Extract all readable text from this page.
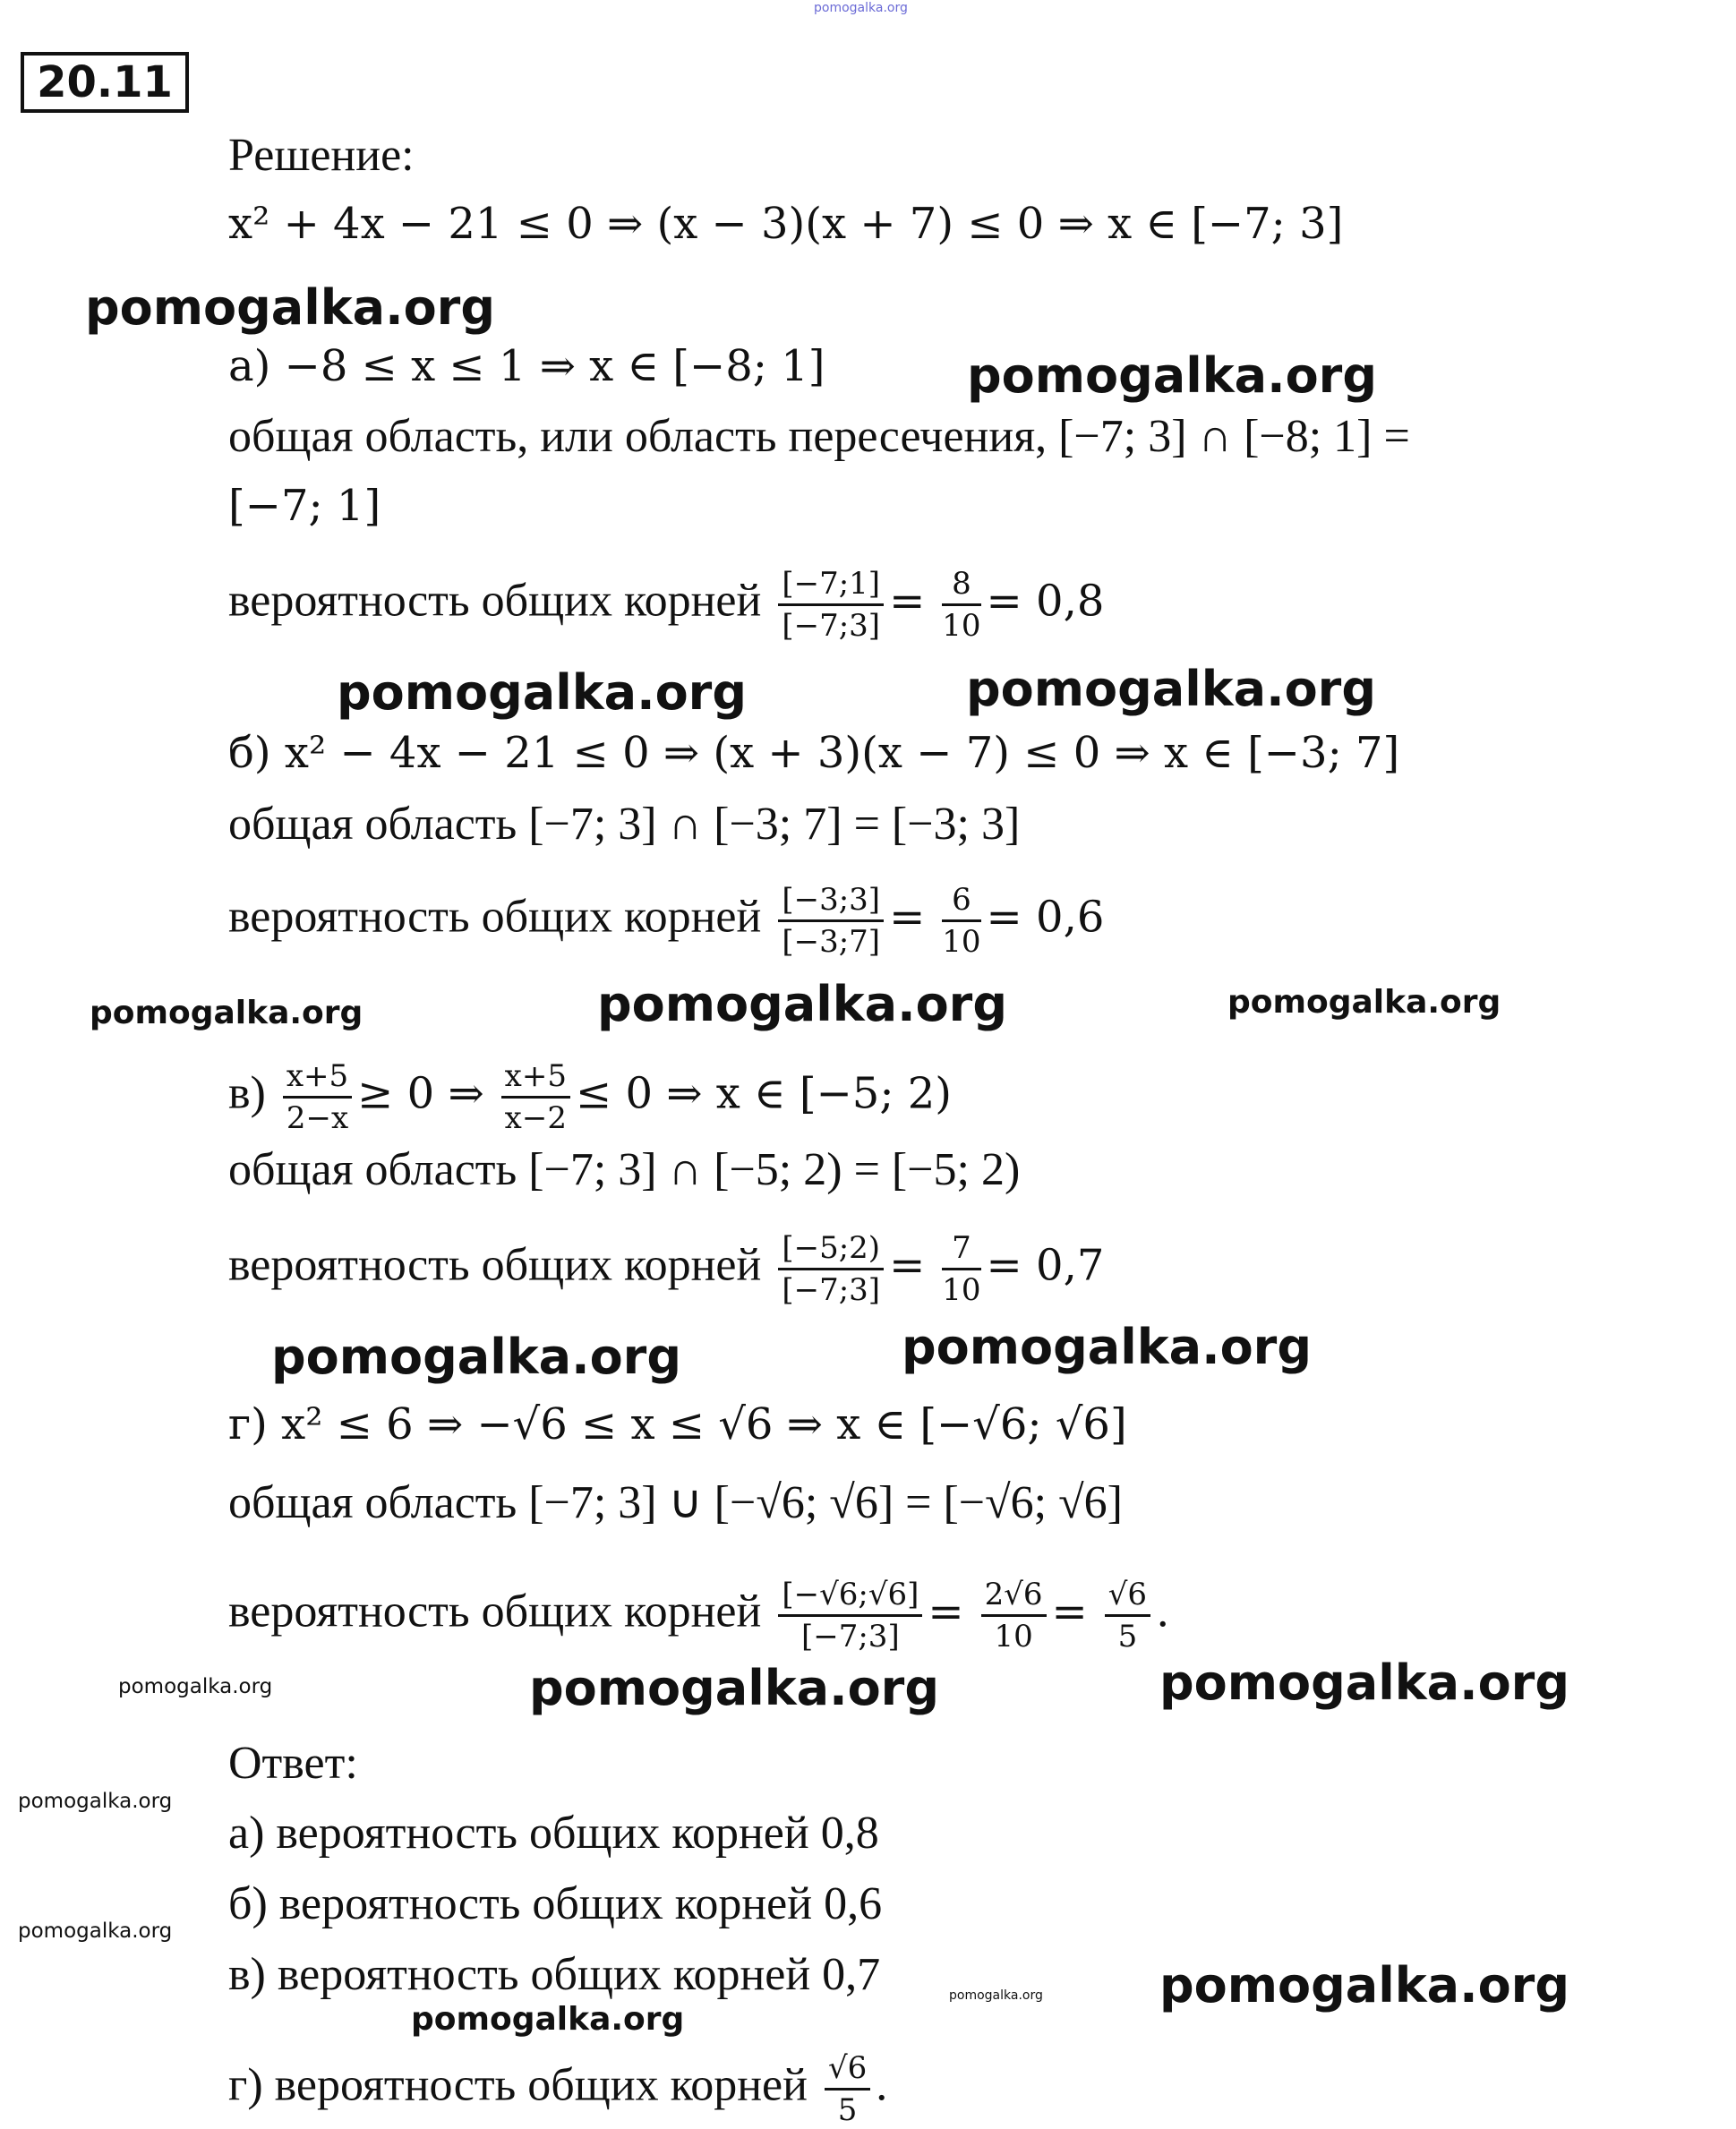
20.11
pomogalka.org
Решение:
x² + 4x − 21 ≤ 0 ⇒ (x − 3)(x + 7) ≤ 0 ⇒ x ∈ [−7; 3]
pomogalka.org
а) −8 ≤ x ≤ 1 ⇒ x ∈ [−8; 1]	pomogalka.org
общая область, или область пересечения, [−7; 3] ∩ [−8; 1] =
[−7; 1]
вероятность общих корней $\frac{[-7;1]}{[-7;3]} = \frac{8}{10} = 0,8$
pomogalka.org	pomogalka.org
б) x² − 4x − 21 ≤ 0 ⇒ (x + 3)(x − 7) ≤ 0 ⇒ x ∈ [−3; 7]
общая область [−7; 3] ∩ [−3; 7] = [−3; 3]
вероятность общих корней $\frac{[-3;3]}{[-3;7]} = \frac{6}{10} = 0,6$
pomogalka.org	pomogalka.org	pomogalka.org
$в) \frac{x+5}{2-x} \ge 0$ ⇒ $\frac{x+5}{x-2} \le 0$ ⇒ x ∈ [−5; 2)
общая область [−7; 3] ∩ [−5; 2) = [−5; 2)
вероятность общих корней $\frac{[-5;2)}{[-7;3]} = \frac{7}{10} = 0,7$
pomogalka.org	pomogalka.org
г) x² ≤ 6 ⇒ −√6 ≤ x ≤ √6 ⇒ x ∈ [−√6; √6]
общая область [−7; 3] ∪ [−√6; √6] = [−√6; √6]
вероятность общих корней $\frac{[-√6;√6]}{[-7;3]} = \frac{2√6}{10} = \frac{√6}{5}$ .
pomogalka.org	pomogalka.org	pomogalka.org
Ответ:
pomogalka.org
а) вероятность общих корней 0,8
б) вероятность общих корней 0,6
pomogalka.org
в) вероятность общих корней 0,7
pomogalka.org
pomogalka.org pomogalka.org
г) вероятность общих корней $\frac{√6}{5}$ .
